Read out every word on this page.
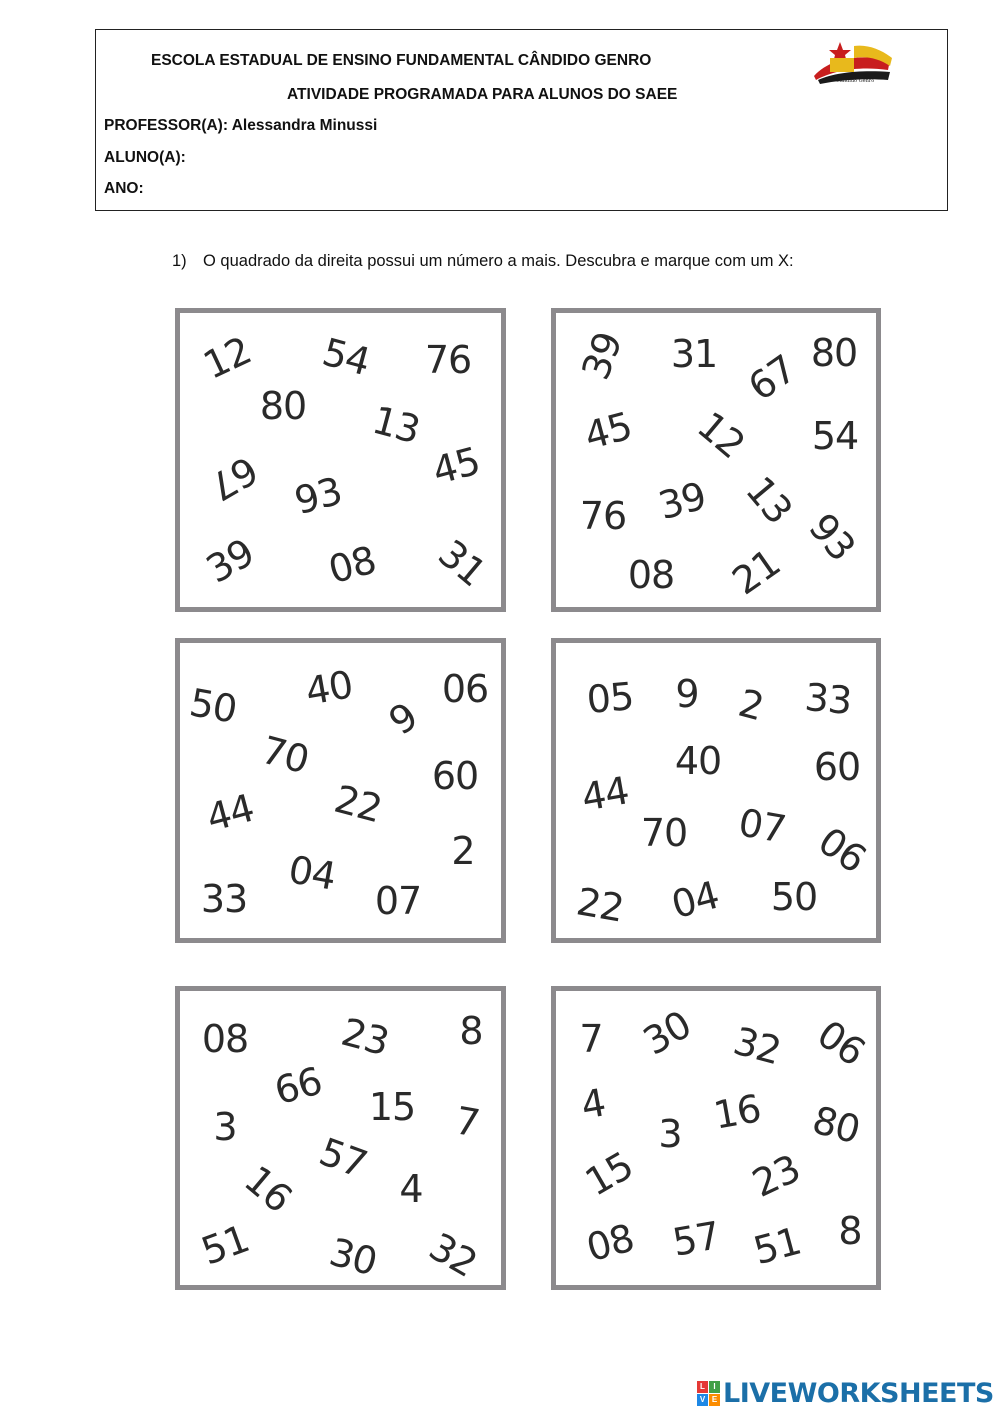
ESCOLA ESTADUAL DE ENSINO FUNDAMENTAL CÂNDIDO GENRO
ATIVIDADE PROGRAMADA PARA ALUNOS DO SAEE
PROFESSOR(A): Alessandra Minussi
ALUNO(A):
ANO:
Cândido Genro
1) O quadrado da direita possui um número a mais. Descubra e marque com um X:
12 54 76
80 13
67 93
45
39 08 31
39 31 67 80
45 12 54
76 39 13
93
08 21
50 40 06
9
70	60
44 22
2
33
04
07
05 9 2 33
40 60
44
70 07 06
22 04 50
08 23 8
66 15
3	7
57
16	4
51 30 32
7 30 32 06
4	16
3	80
15	23
08 57 51 8
L	I
V E LIVEWORKSHEETS
